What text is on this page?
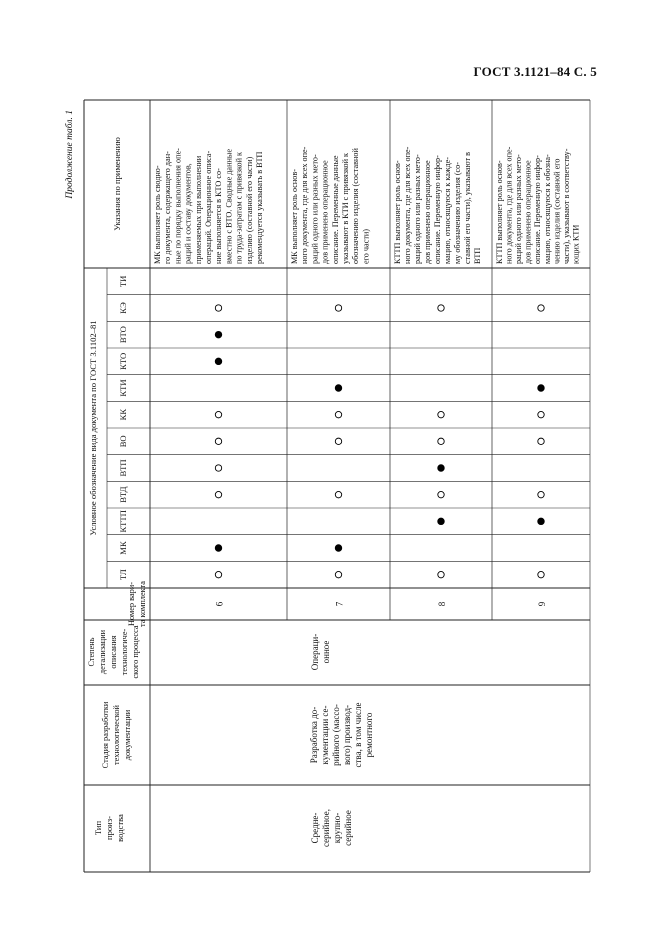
ГОСТ 3.1121–84 С. 5
Продолжение табл. 1
Тип произ- водства
Стадия разработки технологической документации
Степень детализации описания технологиче- ского процесса
Номер вари- та комплекта
Условное обозначение вида документа по ГОСТ 3.1102–81
Указания по применению
ТЛ
МК
КТТП
ВТД
ВТП
ВО
КК
КТИ
КТО
ВТО
КЭ
ТИ
Средне- серийное, крупно- серийное
Разработка до- кументации се- рийного (массо- вого) производ- ства, в том числе ремонтного
Операци- онное
6
МК выполняет роль сводно- го документа, содержащего дан- ные по порядку выполнения опе- раций и составу документов, применяемых при выполнении операций. Операционное описа- ние выполняется в КТО со- вместно с ВТО. Сводные данные по труда-затратам с привязкой к изделию (составной его части) рекомендуется указывать в ВТП
7
МК выполняет роль основ- ного документа, где для всех опе- раций одного или разных мето- дов применено операционное описание. Переменные данные указывают в КТИ с привязкой к обозначению изделия (составной его части)
8
КТТП выполняет роль основ- ного документа, где для всех опе- раций одного или разных мето- дов применено операционное описание. Переменную инфор- мацию, относящуюся к кажде- му обозначению изделия (со- ставной его части), указывают в ВТП
9
КТТП выполняет роль основ- ного документа, где для всех опе- раций одного или разных мето- дов применено операционное описание. Переменную инфор- мацию, относящуюся к обозна- чению изделия (составной его части), указывают в соответству- ющих КТИ
